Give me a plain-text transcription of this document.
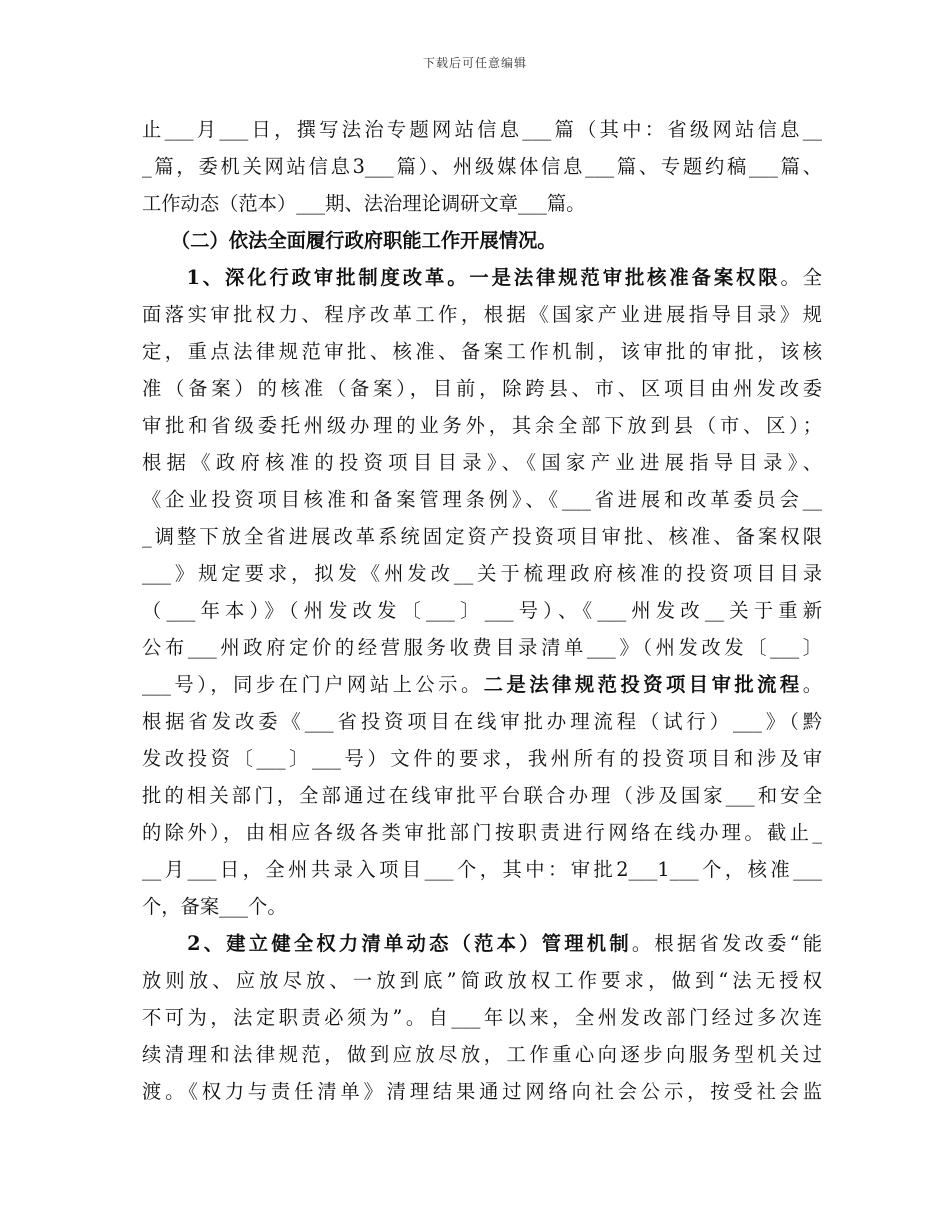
下载后可任意编辑
止___月___日，撰写法治专题网站信息___篇（其中：省级网站信息__
_篇，委机关网站信息3___篇）、州级媒体信息___篇、专题约稿___篇、
工作动态（范本）___期、法治理论调研文章___篇。
　　（二）依法全面履行政府职能工作开展情况。
　　1、深化行政审批制度改革。一是法律规范审批核准备案权限。全
面落实审批权力、程序改革工作，根据《国家产业进展指导目录》规
定，重点法律规范审批、核准、备案工作机制，该审批的审批，该核
准（备案）的核准（备案），目前，除跨县、市、区项目由州发改委
审批和省级委托州级办理的业务外，其余全部下放到县（市、区）；
根据《政府核准的投资项目目录》、《国家产业进展指导目录》、
《企业投资项目核准和备案管理条例》、《___省进展和改革委员会__
_调整下放全省进展改革系统固定资产投资项目审批、核准、备案权限
___》规定要求，拟发《州发改__关于梳理政府核准的投资项目目录
（___年本）》（州发改发〔___〕___号）、《___州发改__关于重新
公布___州政府定价的经营服务收费目录清单___》（州发改发〔___〕
___号），同步在门户网站上公示。二是法律规范投资项目审批流程。
根据省发改委《___省投资项目在线审批办理流程（试行）___》（黔
发改投资〔___〕___号）文件的要求，我州所有的投资项目和涉及审
批的相关部门，全部通过在线审批平台联合办理（涉及国家___和安全
的除外），由相应各级各类审批部门按职责进行网络在线办理。截止_
__月___日，全州共录入项目___个，其中：审批2___1___个，核准___
个，备案___个。
　　2、建立健全权力清单动态（范本）管理机制。根据省发改委“能
放则放、应放尽放、一放到底”简政放权工作要求，做到“法无授权
不可为，法定职责必须为”。自___年以来，全州发改部门经过多次连
续清理和法律规范，做到应放尽放，工作重心向逐步向服务型机关过
渡。《权力与责任清单》清理结果通过网络向社会公示，按受社会监
